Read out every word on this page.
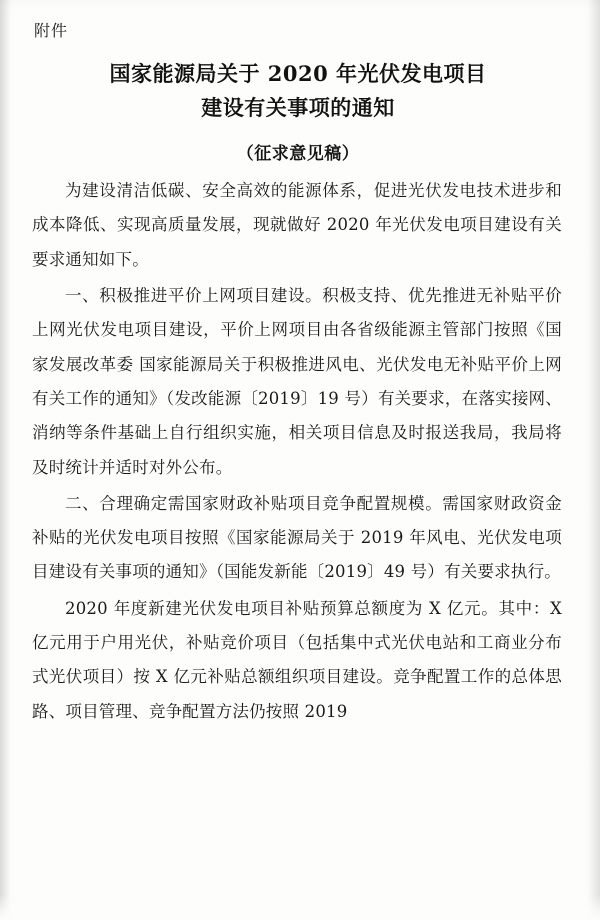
附件
国家能源局关于 2020 年光伏发电项目
建设有关事项的通知
（征求意见稿）

为建设清洁低碳、安全高效的能源体系，促进光伏发电技术进步和成本降低、实现高质量发展，现就做好 2020 年光伏发电项目建设有关要求通知如下。

一、积极推进平价上网项目建设。积极支持、优先推进无补贴平价上网光伏发电项目建设，平价上网项目由各省级能源主管部门按照《国家发展改革委 国家能源局关于积极推进风电、光伏发电无补贴平价上网有关工作的通知》（发改能源〔2019〕19 号）有关要求，在落实接网、消纳等条件基础上自行组织实施，相关项目信息及时报送我局，我局将及时统计并适时对外公布。

二、合理确定需国家财政补贴项目竞争配置规模。需国家财政资金补贴的光伏发电项目按照《国家能源局关于 2019 年风电、光伏发电项目建设有关事项的通知》（国能发新能〔2019〕49 号）有关要求执行。

2020 年度新建光伏发电项目补贴预算总额度为 X 亿元。其中：X 亿元用于户用光伏，补贴竞价项目（包括集中式光伏电站和工商业分布式光伏项目）按 X 亿元补贴总额组织项目建设。竞争配置工作的总体思路、项目管理、竞争配置方法仍按照 2019
